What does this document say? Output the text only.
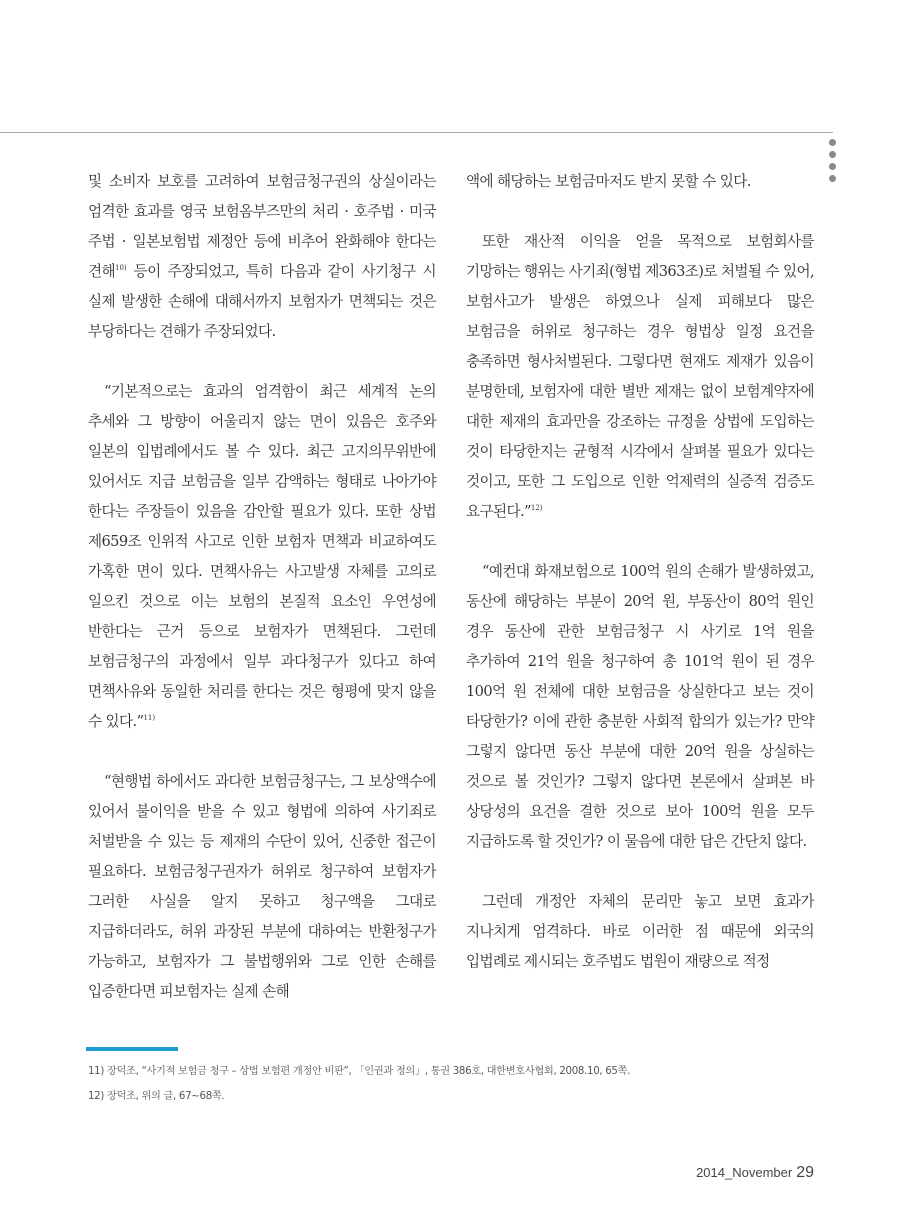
및 소비자 보호를 고려하여 보험금청구권의 상실이라는 엄격한 효과를 영국 보험옴부즈만의 처리 · 호주법 · 미국 주법 · 일본보험법 제정안 등에 비추어 완화해야 한다는 견해$^{10)}$ 등이 주장되었고, 특히 다음과 같이 사기청구 시 실제 발생한 손해에 대해서까지 보험자가 면책되는 것은 부당하다는 견해가 주장되었다.

“기본적으로는 효과의 엄격함이 최근 세계적 논의 추세와 그 방향이 어울리지 않는 면이 있음은 호주와 일본의 입법례에서도 볼 수 있다. 최근 고지의무위반에 있어서도 지급 보험금을 일부 감액하는 형태로 나아가야 한다는 주장들이 있음을 감안할 필요가 있다. 또한 상법 제659조 인위적 사고로 인한 보험자 면책과 비교하여도 가혹한 면이 있다. 면책사유는 사고발생 자체를 고의로 일으킨 것으로 이는 보험의 본질적 요소인 우연성에 반한다는 근거 등으로 보험자가 면책된다. 그런데 보험금청구의 과정에서 일부 과다청구가 있다고 하여 면책사유와 동일한 처리를 한다는 것은 형평에 맞지 않을 수 있다.”$^{11)}$

“현행법 하에서도 과다한 보험금청구는, 그 보상액수에 있어서 불이익을 받을 수 있고 형법에 의하여 사기죄로 처벌받을 수 있는 등 제재의 수단이 있어, 신중한 접근이 필요하다. 보험금청구권자가 허위로 청구하여 보험자가 그러한 사실을 알지 못하고 청구액을 그대로 지급하더라도, 허위 과장된 부분에 대하여는 반환청구가 가능하고, 보험자가 그 불법행위와 그로 인한 손해를 입증한다면 피보험자는 실제 손해

액에 해당하는 보험금마저도 받지 못할 수 있다.

또한 재산적 이익을 얻을 목적으로 보험회사를 기망하는 행위는 사기죄(형법 제363조)로 처벌될 수 있어, 보험사고가 발생은 하였으나 실제 피해보다 많은 보험금을 허위로 청구하는 경우 형법상 일정 요건을 충족하면 형사처벌된다. 그렇다면 현재도 제재가 있음이 분명한데, 보험자에 대한 별반 제재는 없이 보험계약자에 대한 제재의 효과만을 강조하는 규정을 상법에 도입하는 것이 타당한지는 균형적 시각에서 살펴볼 필요가 있다는 것이고, 또한 그 도입으로 인한 억제력의 실증적 검증도 요구된다.”$^{12)}$

“예컨대 화재보험으로 100억 원의 손해가 발생하였고, 동산에 해당하는 부분이 20억 원, 부동산이 80억 원인 경우 동산에 관한 보험금청구 시 사기로 1억 원을 추가하여 21억 원을 청구하여 총 101억 원이 된 경우 100억 원 전체에 대한 보험금을 상실한다고 보는 것이 타당한가? 이에 관한 충분한 사회적 합의가 있는가? 만약 그렇지 않다면 동산 부분에 대한 20억 원을 상실하는 것으로 볼 것인가? 그렇지 않다면 본론에서 살펴본 바 상당성의 요건을 결한 것으로 보아 100억 원을 모두 지급하도록 할 것인가? 이 물음에 대한 답은 간단치 않다.

그런데 개정안 자체의 문리만 놓고 보면 효과가 지나치게 엄격하다. 바로 이러한 점 때문에 외국의 입법례로 제시되는 호주법도 법원이 재량으로 적정

11) 장덕조, “사기적 보험금 청구 – 상법 보험편 개정안 비판”, 「인권과 정의」, 통권 386호, 대한변호사협회, 2008.10, 65쪽.
12) 장덕조, 위의 글, 67~68쪽.
2014_November 29
